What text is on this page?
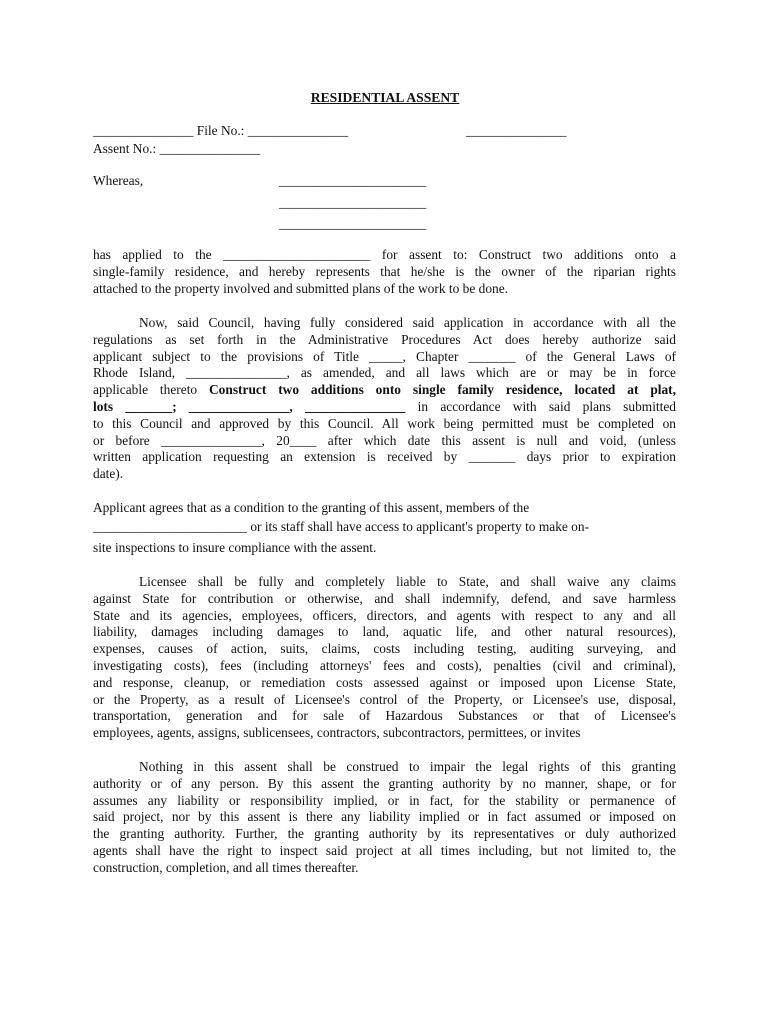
RESIDENTIAL ASSENT
_______________ File No.: _______________	_______________
Assent No.: _______________
Whereas,	______________________
______________________
______________________
has applied to the ______________________ for assent to: Construct two additions onto a
single-family residence, and hereby represents that he/she is the owner of the riparian rights
attached to the property involved and submitted plans of the work to be done.
Now, said Council, having fully considered said application in accordance with all the
regulations as set forth in the Administrative Procedures Act does hereby authorize said
applicant subject to the provisions of Title _____, Chapter _______ of the General Laws of
Rhode Island, _______________, as amended, and all laws which are or may be in force
applicable thereto Construct two additions onto single family residence, located at plat,
lots _______; _______________, _______________ in accordance with said plans submitted
to this Council and approved by this Council. All work being permitted must be completed on
or before _______________, 20____ after which date this assent is null and void, (unless
written application requesting an extension is received by _______ days prior to expiration
date).
Applicant agrees that as a condition to the granting of this assent, members of the
_______________________ or its staff shall have access to applicant's property to make on-
site inspections to insure compliance with the assent.
Licensee shall be fully and completely liable to State, and shall waive any claims
against State for contribution or otherwise, and shall indemnify, defend, and save harmless
State and its agencies, employees, officers, directors, and agents with respect to any and all
liability, damages including damages to land, aquatic life, and other natural resources),
expenses, causes of action, suits, claims, costs including testing, auditing surveying, and
investigating costs), fees (including attorneys' fees and costs), penalties (civil and criminal),
and response, cleanup, or remediation costs assessed against or imposed upon License State,
or the Property, as a result of Licensee's control of the Property, or Licensee's use, disposal,
transportation, generation and for sale of Hazardous Substances or that of Licensee's
employees, agents, assigns, sublicensees, contractors, subcontractors, permittees, or invites
Nothing in this assent shall be construed to impair the legal rights of this granting
authority or of any person. By this assent the granting authority by no manner, shape, or for
assumes any liability or responsibility implied, or in fact, for the stability or permanence of
said project, nor by this assent is there any liability implied or in fact assumed or imposed on
the granting authority. Further, the granting authority by its representatives or duly authorized
agents shall have the right to inspect said project at all times including, but not limited to, the
construction, completion, and all times thereafter.
